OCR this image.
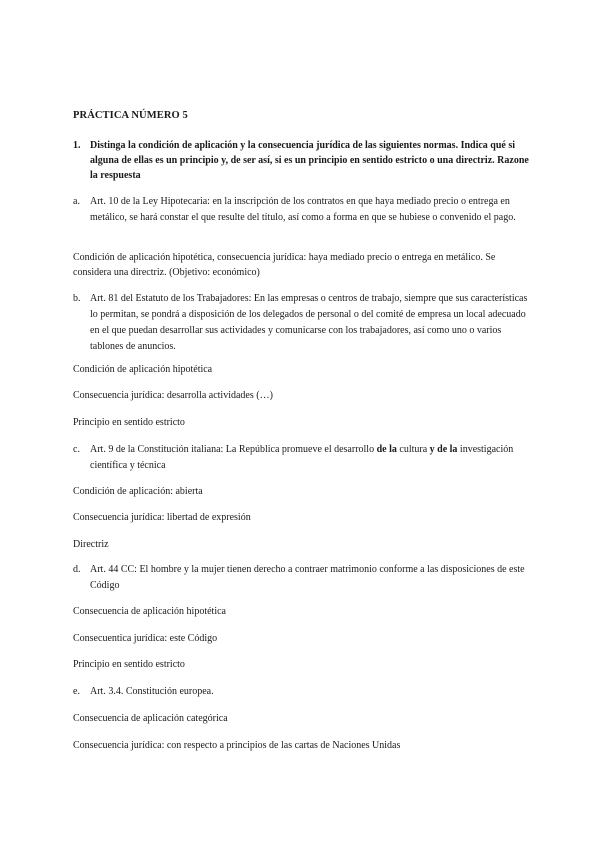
PRÁCTICA NÚMERO 5
1. Distinga la condición de aplicación y la consecuencia jurídica de las siguientes normas. Indica qué si alguna de ellas es un principio y, de ser así, si es un principio en sentido estricto o una directriz. Razone la respuesta
a. Art. 10 de la Ley Hipotecaria: en la inscripción de los contratos en que haya mediado precio o entrega en metálico, se hará constar el que resulte del título, así como a forma en que se hubiese o convenido el pago.
Condición de aplicación hipotética, consecuencia jurídica: haya mediado precio o entrega en metálico. Se considera una directriz. (Objetivo: económico)
b. Art. 81 del Estatuto de los Trabajadores: En las empresas o centros de trabajo, siempre que sus características lo permitan, se pondrá a disposición de los delegados de personal o del comité de empresa un local adecuado en el que puedan desarrollar sus actividades y comunicarse con los trabajadores, así como uno o varios tablones de anuncios.
Condición de aplicación hipotética
Consecuencia jurídica: desarrolla actividades (…)
Principio en sentido estricto
c. Art. 9 de la Constitución italiana: La República promueve el desarrollo de la cultura y de la investigación científica y técnica
Condición de aplicación: abierta
Consecuencia jurídica: libertad de expresión
Directriz
d. Art. 44 CC: El hombre y la mujer tienen derecho a contraer matrimonio conforme a las disposiciones de este Código
Consecuencia de aplicación hipotética
Consecuentica jurídica: este Código
Principio en sentido estricto
e. Art. 3.4. Constitución europea.
Consecuencia de aplicación categórica
Consecuencia jurídica: con respecto a principios de las cartas de Naciones Unidas
